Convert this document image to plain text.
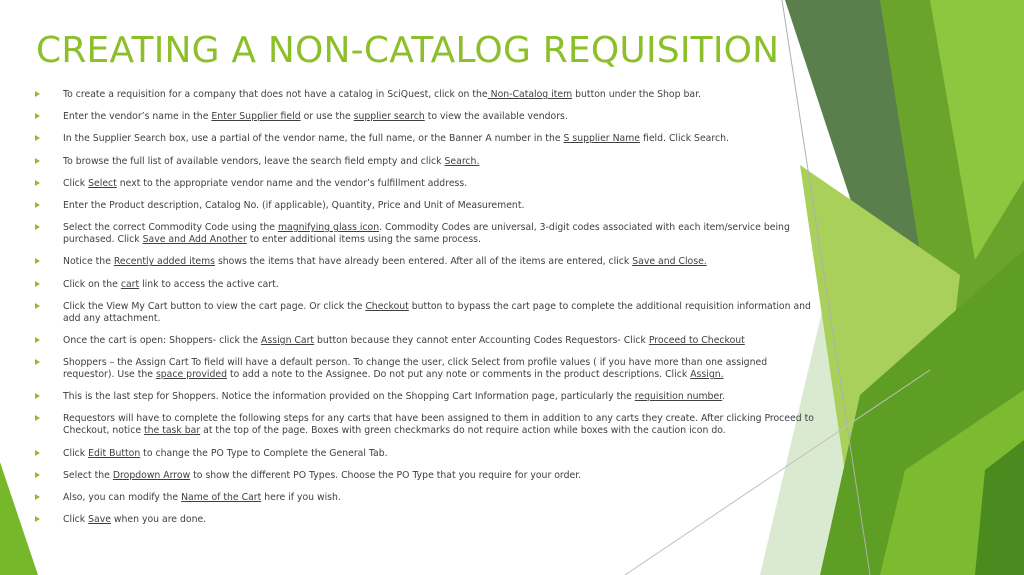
CREATING A NON-CATALOG REQUISITION
To create a requisition for a company that does not have a catalog in SciQuest, click on the Non-Catalog item button under the Shop bar.
Enter the vendor’s name in the Enter Supplier field or use the supplier search to view the available vendors.
In the Supplier Search box, use a partial of the vendor name, the full name, or the Banner A number in the S supplier Name field. Click Search.
To browse the full list of available vendors, leave the search field empty and click Search.
Click Select next to the appropriate vendor name and the vendor’s fulfillment address.
Enter the Product description, Catalog No. (if applicable), Quantity, Price and Unit of Measurement.
Select the correct Commodity Code using the magnifying glass icon. Commodity Codes are universal, 3-digit codes associated with each item/service being purchased. Click Save and Add Another to enter additional items using the same process.
Notice the Recently added items shows the items that have already been entered. After all of the items are entered, click Save and Close.
Click on the cart link to access the active cart.
Click the View My Cart button to view the cart page. Or click the Checkout button to bypass the cart page to complete the additional requisition information and add any attachment.
Once the cart is open: Shoppers- click the Assign Cart button because they cannot enter Accounting Codes Requestors- Click Proceed to Checkout
Shoppers – the Assign Cart To field will have a default person. To change the user, click Select from profile values ( if you have more than one assigned requestor). Use the space provided to add a note to the Assignee. Do not put any note or comments in the product descriptions. Click Assign.
This is the last step for Shoppers. Notice the information provided on the Shopping Cart Information page, particularly the requisition number.
Requestors will have to complete the following steps for any carts that have been assigned to them in addition to any carts they create. After clicking Proceed to Checkout, notice the task bar at the top of the page. Boxes with green checkmarks do not require action while boxes with the caution icon do.
Click Edit Button to change the PO Type to Complete the General Tab.
Select the Dropdown Arrow to show the different PO Types. Choose the PO Type that you require for your order.
Also, you can modify the Name of the Cart here if you wish.
Click Save when you are done.
